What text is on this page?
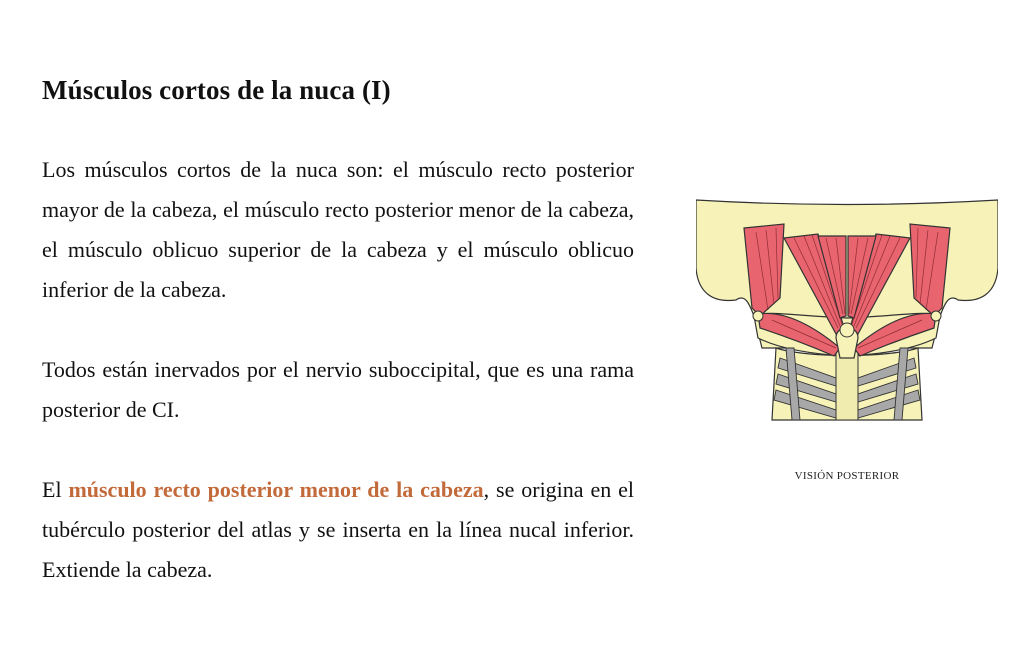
Músculos cortos de la nuca (I)

Los músculos cortos de la nuca son: el músculo recto posterior mayor de la cabeza, el músculo recto posterior menor de la cabeza, el músculo oblicuo superior de la cabeza y el músculo oblicuo inferior de la cabeza.

Todos están inervados por el nervio suboccipital, que es una rama posterior de CI.

El músculo recto posterior menor de la cabeza, se origina en el tubérculo posterior del atlas y se inserta en la línea nucal inferior. Extiende la cabeza.

VISIÓN POSTERIOR
